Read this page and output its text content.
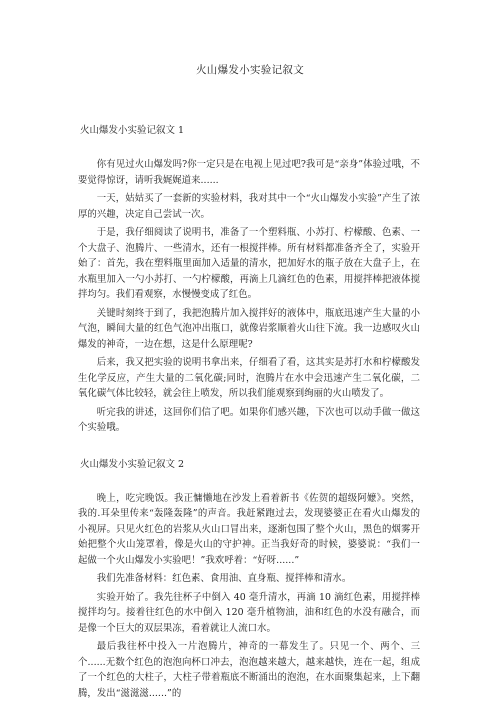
火山爆发小实验记叙文
火山爆发小实验记叙文 1

你有见过火山爆发吗?你一定只是在电视上见过吧?我可是“亲身”体验过哦，不要觉得惊讶，请听我娓娓道来......

一天，姑姑买了一套新的实验材料，我对其中一个“火山爆发小实验”产生了浓厚的兴趣，决定自己尝试一次。

于是，我仔细阅读了说明书，准备了一个塑料瓶、小苏打、柠檬酸、色素、一个大盘子、泡腾片、一些清水，还有一根搅拌棒。所有材料都准备齐全了，实验开始了：首先，我在塑料瓶里面加入适量的清水，把加好水的瓶子放在大盘子上，在水瓶里加入一勺小苏打、一勺柠檬酸，再滴上几滴红色的色素，用搅拌棒把液体搅拌均匀。我们看观察，水慢慢变成了红色。

关键时刻终于到了，我把泡腾片加入搅拌好的液体中，瓶底迅速产生大量的小气泡，瞬间大量的红色气泡冲出瓶口，就像岩浆顺着火山往下流。我一边感叹火山爆发的神奇，一边在想，这是什么原理呢?

后来，我又把实验的说明书拿出来，仔细看了看，这其实是苏打水和柠檬酸发生化学反应，产生大量的二氧化碳;同时，泡腾片在水中会迅速产生二氧化碳，二氧化碳气体比较轻，就会往上喷发，所以我们能观察到绚丽的火山喷发了。

听完我的讲述，这回你们信了吧。如果你们感兴趣，下次也可以动手做一做这个实验哦。

火山爆发小实验记叙文 2

晚上，吃完晚饭。我正慵懒地在沙发上看着新书《佐贺的超级阿嬷》。突然，我的.耳朵里传来“轰隆轰隆”的声音。我赶紧跑过去，发现婆婆正在看火山爆发的小视屏。只见火红色的岩浆从火山口冒出来，逐渐包围了整个火山，黑色的烟雾开始把整个火山笼罩着，像是火山的守护神。正当我好奇的时候，婆婆说：“我们一起做一个火山爆发小实验吧！”我欢呼着：“好呀......”

我们先准备材料：红色素、食用油、直身瓶、搅拌棒和清水。

实验开始了。我先往杯子中倒入 40 毫升清水，再滴 10 滴红色素，用搅拌棒搅拌均匀。接着往红色的水中倒入 120 毫升植物油，油和红色的水没有融合，而是像一个巨大的双层果冻，看着就让人流口水。

最后我往杯中投入一片泡腾片，神奇的一幕发生了。只见一个、两个、三个......无数个红色的泡泡向杯口冲去，泡泡越来越大，越来越快，连在一起，组成了一个红色的大柱子，大柱子带着瓶底不断涌出的泡泡，在水面聚集起来，上下翻腾，发出“滋滋滋......”的
